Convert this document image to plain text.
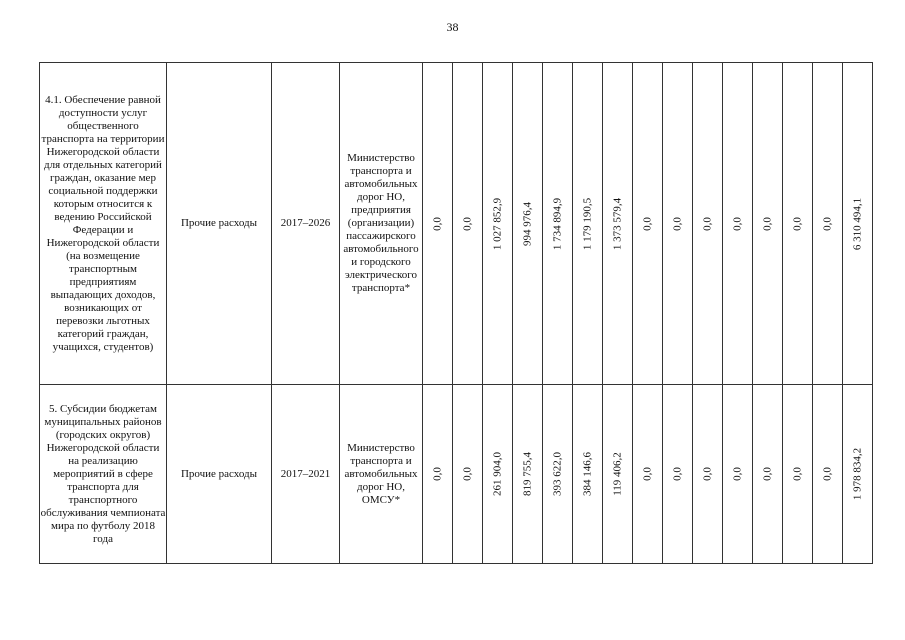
38
4.1. Обеспечение равной доступности услуг общественного транспорта на территории Нижегородской области для отдельных категорий граждан, оказание мер социальной поддержки которым относится к ведению Российской Федерации и Нижегородской области (на возмещение транспортным предприятиям выпадающих доходов, возникающих от перевозки льготных категорий граждан, учащихся, студентов)	Прочие расходы	2017–2026	Министерство транспорта и автомобильных дорог НО, предприятия (организации) пассажирского автомобильного и городского электрического транспорта*	0,0	0,0	1 027 852,9	994 976,4	1 734 894,9	1 179 190,5	1 373 579,4	0,0	0,0	0,0	0,0	0,0	0,0	0,0	6 310 494,1

5. Субсидии бюджетам муниципальных районов (городских округов) Нижегородской области на реализацию мероприятий в сфере транспорта для транспортного обслуживания чемпионата мира по футболу 2018 года	Прочие расходы	2017–2021	Министерство транспорта и автомобильных дорог НО, ОМСУ*	0,0	0,0	261 904,0	819 755,4	393 622,0	384 146,6	119 406,2	0,0	0,0	0,0	0,0	0,0	0,0	0,0	1 978 834,2
